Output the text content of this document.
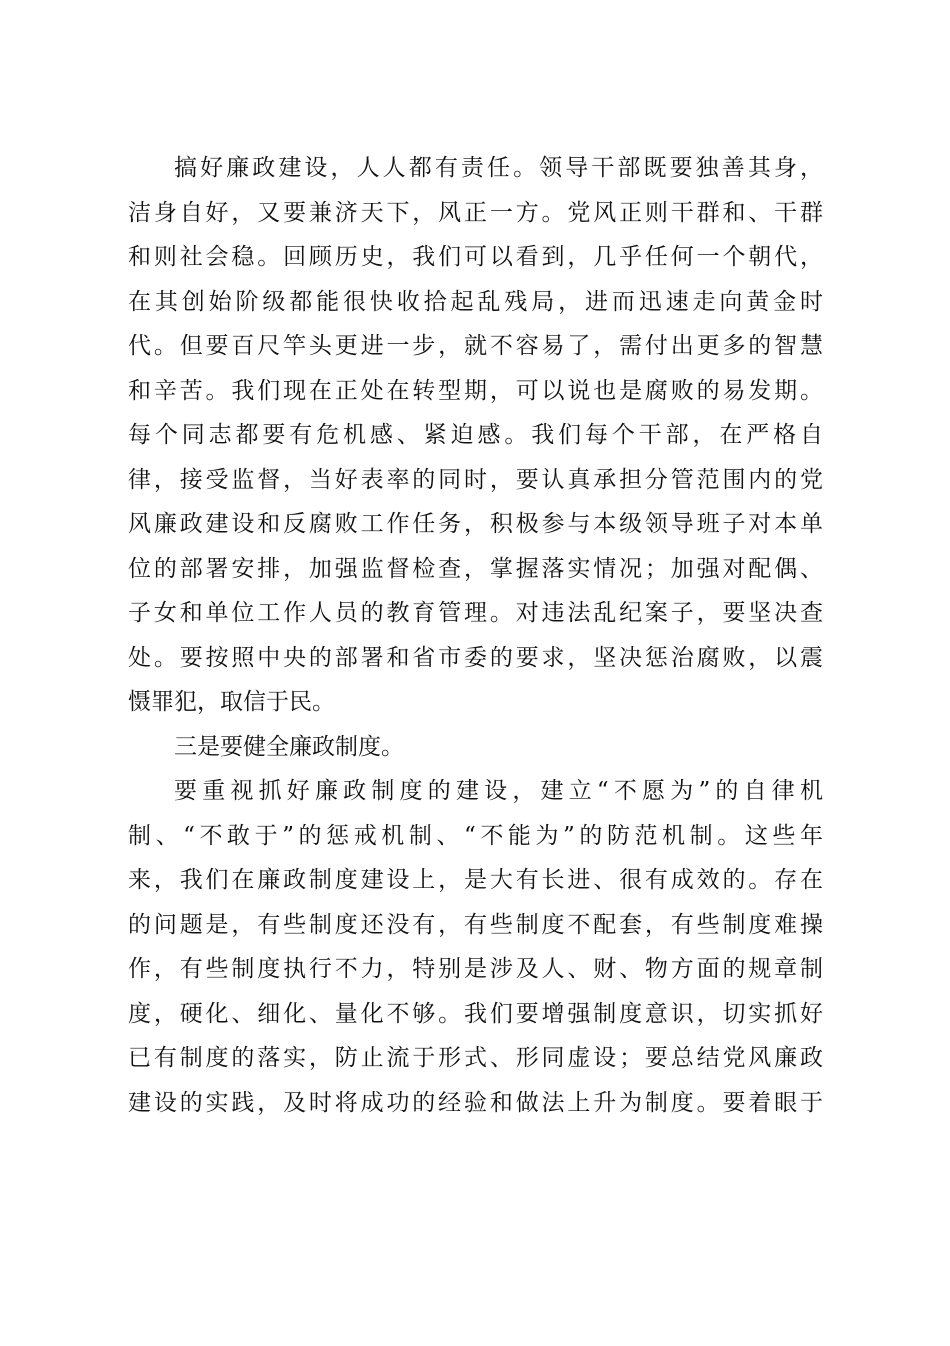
搞好廉政建设，人人都有责任。领导干部既要独善其身，
洁身自好，又要兼济天下，风正一方。党风正则干群和、干群
和则社会稳。回顾历史，我们可以看到，几乎任何一个朝代，
在其创始阶级都能很快收拾起乱残局，进而迅速走向黄金时
代。但要百尺竿头更进一步，就不容易了，需付出更多的智慧
和辛苦。我们现在正处在转型期，可以说也是腐败的易发期。
每个同志都要有危机感、紧迫感。我们每个干部，在严格自
律，接受监督，当好表率的同时，要认真承担分管范围内的党
风廉政建设和反腐败工作任务，积极参与本级领导班子对本单
位的部署安排，加强监督检查，掌握落实情况；加强对配偶、
子女和单位工作人员的教育管理。对违法乱纪案子，要坚决查
处。要按照中央的部署和省市委的要求，坚决惩治腐败，以震
慑罪犯，取信于民。
三是要健全廉政制度。
要重视抓好廉政制度的建设，建立“不愿为”的自律机
制、“不敢于”的惩戒机制、“不能为”的防范机制。这些年
来，我们在廉政制度建设上，是大有长进、很有成效的。存在
的问题是，有些制度还没有，有些制度不配套，有些制度难操
作，有些制度执行不力，特别是涉及人、财、物方面的规章制
度，硬化、细化、量化不够。我们要增强制度意识，切实抓好
已有制度的落实，防止流于形式、形同虚设；要总结党风廉政
建设的实践，及时将成功的经验和做法上升为制度。要着眼于
